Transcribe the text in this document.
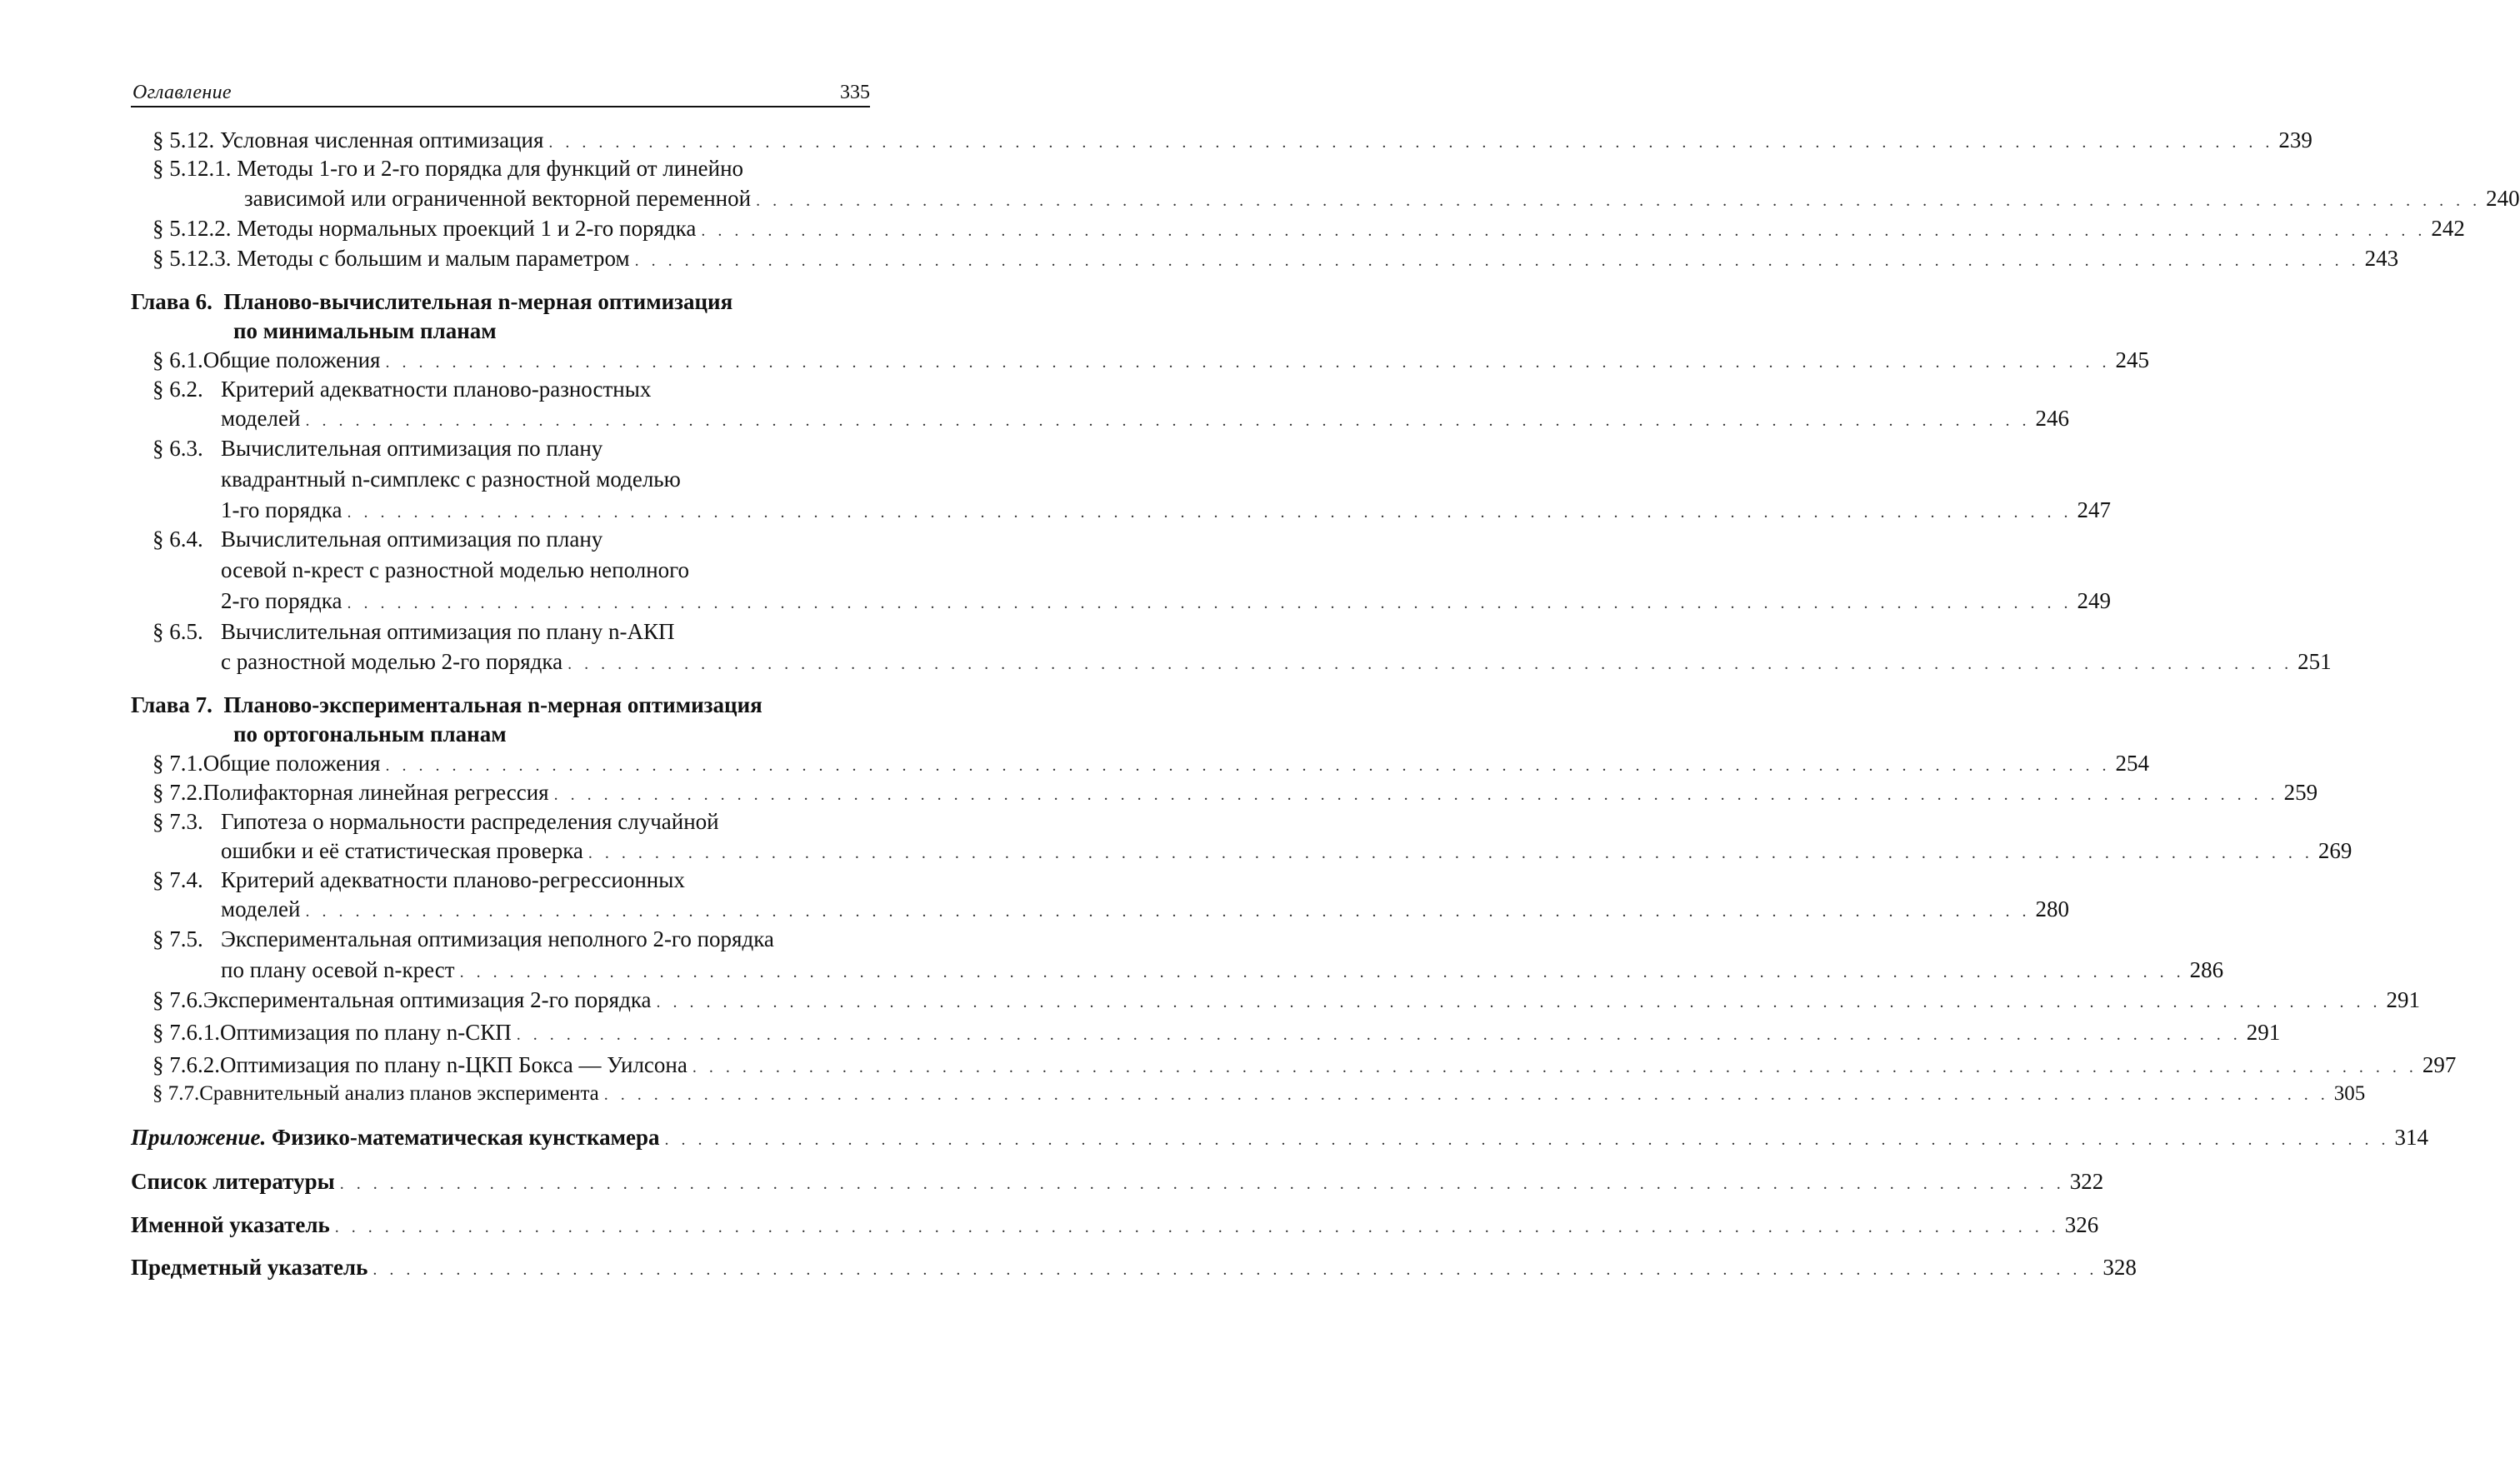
Оглавление	335
§ 5.12.
Условная численная оптимизация . . . . . . . . . . . . . . . . . . . . . . . . . . . . . . . . . . . . . . . . . . . . . . . . . . . . . . . . . . . . . . . . . . . . . . . . . . . . . . . . . . . . . . . . . . . . . . . . . . . . . . . . 239
§ 5.12.1. Методы 1-го и 2-го порядка для функций от линейно
зависимой или ограниченной векторной переменной . . . . . . . . . . . . . . . . . . . . . . . . . . . . . . . . . . . . . . . . . . . . . . . . . . . . . . . . . . . . . . . . . . . . . . . . . . . . . . . . . . . . . . . . . . . . . . . . . . . . . . . . 240
§ 5.12.2.
Методы нормальных проекций 1 и 2-го порядка . . . . . . . . . . . . . . . . . . . . . . . . . . . . . . . . . . . . . . . . . . . . . . . . . . . . . . . . . . . . . . . . . . . . . . . . . . . . . . . . . . . . . . . . . . . . . . . . . . . . . . . . 242
§ 5.12.3.
Методы с большим и малым параметром . . . . . . . . . . . . . . . . . . . . . . . . . . . . . . . . . . . . . . . . . . . . . . . . . . . . . . . . . . . . . . . . . . . . . . . . . . . . . . . . . . . . . . . . . . . . . . . . . . . . . . . . 243
Глава 6. Планово-вычислительная n-мерная оптимизация
по минимальным планам
§ 6.1. Общие положения . . . . . . . . . . . . . . . . . . . . . . . . . . . . . . . . . . . . . . . . . . . . . . . . . . . . . . . . . . . . . . . . . . . . . . . . . . . . . . . . . . . . . . . . . . . . . . . . . . . . . . . . 245
§ 6.2. Критерий адекватности планово-разностных
моделей . . . . . . . . . . . . . . . . . . . . . . . . . . . . . . . . . . . . . . . . . . . . . . . . . . . . . . . . . . . . . . . . . . . . . . . . . . . . . . . . . . . . . . . . . . . . . . . . . . . . . . . . 246
§ 6.3. Вычислительная оптимизация по плану
квадрантный n-симплекс с разностной моделью
1-го порядка . . . . . . . . . . . . . . . . . . . . . . . . . . . . . . . . . . . . . . . . . . . . . . . . . . . . . . . . . . . . . . . . . . . . . . . . . . . . . . . . . . . . . . . . . . . . . . . . . . . . . . . . 247
§ 6.4. Вычислительная оптимизация по плану
осевой n-крест с разностной моделью неполного
2-го порядка . . . . . . . . . . . . . . . . . . . . . . . . . . . . . . . . . . . . . . . . . . . . . . . . . . . . . . . . . . . . . . . . . . . . . . . . . . . . . . . . . . . . . . . . . . . . . . . . . . . . . . . . 249
§ 6.5. Вычислительная оптимизация по плану n-АКП
с разностной моделью 2-го порядка . . . . . . . . . . . . . . . . . . . . . . . . . . . . . . . . . . . . . . . . . . . . . . . . . . . . . . . . . . . . . . . . . . . . . . . . . . . . . . . . . . . . . . . . . . . . . . . . . . . . . . . . 251
Глава 7. Планово-экспериментальная n-мерная оптимизация
по ортогональным планам
§ 7.1. Общие положения . . . . . . . . . . . . . . . . . . . . . . . . . . . . . . . . . . . . . . . . . . . . . . . . . . . . . . . . . . . . . . . . . . . . . . . . . . . . . . . . . . . . . . . . . . . . . . . . . . . . . . . . 254
§ 7.2. Полифакторная линейная регрессия . . . . . . . . . . . . . . . . . . . . . . . . . . . . . . . . . . . . . . . . . . . . . . . . . . . . . . . . . . . . . . . . . . . . . . . . . . . . . . . . . . . . . . . . . . . . . . . . . . . . . . . . 259
§ 7.3. Гипотеза о нормальности распределения случайной
ошибки и её статистическая проверка . . . . . . . . . . . . . . . . . . . . . . . . . . . . . . . . . . . . . . . . . . . . . . . . . . . . . . . . . . . . . . . . . . . . . . . . . . . . . . . . . . . . . . . . . . . . . . . . . . . . . . . . 269
§ 7.4. Критерий адекватности планово-регрессионных
моделей . . . . . . . . . . . . . . . . . . . . . . . . . . . . . . . . . . . . . . . . . . . . . . . . . . . . . . . . . . . . . . . . . . . . . . . . . . . . . . . . . . . . . . . . . . . . . . . . . . . . . . . . 280
§ 7.5. Экспериментальная оптимизация неполного 2-го порядка
по плану осевой n-крест . . . . . . . . . . . . . . . . . . . . . . . . . . . . . . . . . . . . . . . . . . . . . . . . . . . . . . . . . . . . . . . . . . . . . . . . . . . . . . . . . . . . . . . . . . . . . . . . . . . . . . . . 286
§ 7.6. Экспериментальная оптимизация 2-го порядка . . . . . . . . . . . . . . . . . . . . . . . . . . . . . . . . . . . . . . . . . . . . . . . . . . . . . . . . . . . . . . . . . . . . . . . . . . . . . . . . . . . . . . . . . . . . . . . . . . . . . . . . 291
§ 7.6.1. Оптимизация по плану n-СКП . . . . . . . . . . . . . . . . . . . . . . . . . . . . . . . . . . . . . . . . . . . . . . . . . . . . . . . . . . . . . . . . . . . . . . . . . . . . . . . . . . . . . . . . . . . . . . . . . . . . . . . . 291
§ 7.6.2. Оптимизация по плану n-ЦКП Бокса — Уилсона . . . . . . . . . . . . . . . . . . . . . . . . . . . . . . . . . . . . . . . . . . . . . . . . . . . . . . . . . . . . . . . . . . . . . . . . . . . . . . . . . . . . . . . . . . . . . . . . . . . . . . . . 297
§ 7.7. Сравнительный анализ планов эксперимента . . . . . . . . . . . . . . . . . . . . . . . . . . . . . . . . . . . . . . . . . . . . . . . . . . . . . . . . . . . . . . . . . . . . . . . . . . . . . . . . . . . . . . . . . . . . . . . . . . . . . . . . 305
Приложение.
Физико-математическая кунсткамера . . . . . . . . . . . . . . . . . . . . . . . . . . . . . . . . . . . . . . . . . . . . . . . . . . . . . . . . . . . . . . . . . . . . . . . . . . . . . . . . . . . . . . . . . . . . . . . . . . . . . . . . 314
Список литературы . . . . . . . . . . . . . . . . . . . . . . . . . . . . . . . . . . . . . . . . . . . . . . . . . . . . . . . . . . . . . . . . . . . . . . . . . . . . . . . . . . . . . . . . . . . . . . . . . . . . . . . . 322
Именной указатель . . . . . . . . . . . . . . . . . . . . . . . . . . . . . . . . . . . . . . . . . . . . . . . . . . . . . . . . . . . . . . . . . . . . . . . . . . . . . . . . . . . . . . . . . . . . . . . . . . . . . . . . 326
Предметный указатель . . . . . . . . . . . . . . . . . . . . . . . . . . . . . . . . . . . . . . . . . . . . . . . . . . . . . . . . . . . . . . . . . . . . . . . . . . . . . . . . . . . . . . . . . . . . . . . . . . . . . . . . 328
